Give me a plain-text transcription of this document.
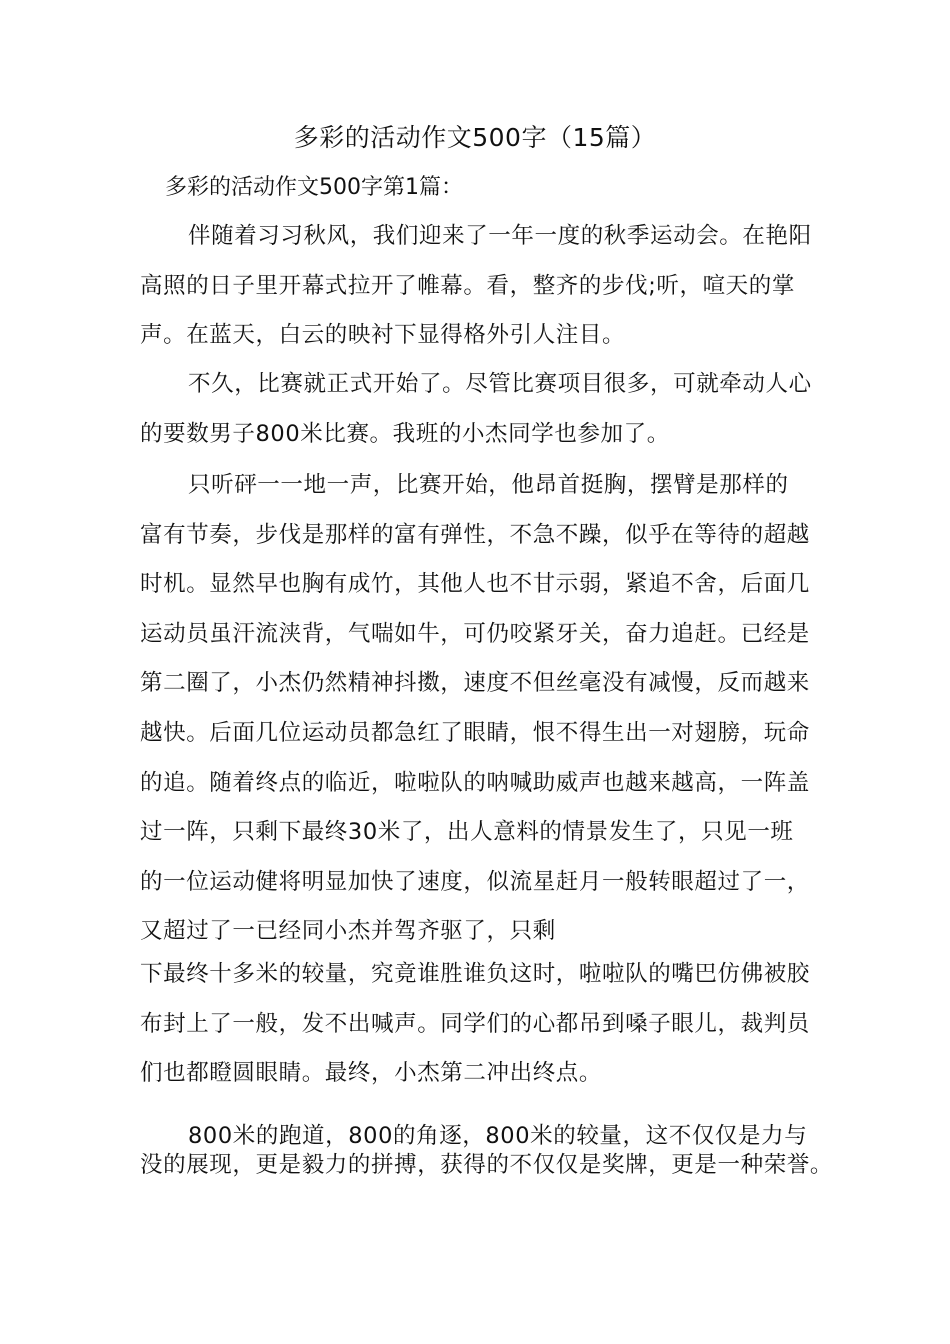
多彩的活动作文500字（15篇）
多彩的活动作文500字第1篇：
伴随着习习秋风，我们迎来了一年一度的秋季运动会。在艳阳
高照的日子里开幕式拉开了帷幕。看，整齐的步伐;听，喧天的掌
声。在蓝天，白云的映衬下显得格外引人注目。
不久，比赛就正式开始了。尽管比赛项目很多，可就牵动人心
的要数男子800米比赛。我班的小杰同学也参加了。
只听砰一一地一声，比赛开始，他昂首挺胸，摆臂是那样的
富有节奏，步伐是那样的富有弹性，不急不躁，似乎在等待的超越
时机。显然早也胸有成竹，其他人也不甘示弱，紧追不舍，后面几
运动员虽汗流浃背，气喘如牛，可仍咬紧牙关，奋力追赶。已经是
第二圈了，小杰仍然精神抖擞，速度不但丝毫没有减慢，反而越来
越快。后面几位运动员都急红了眼睛，恨不得生出一对翅膀，玩命
的追。随着终点的临近，啦啦队的呐喊助威声也越来越高，一阵盖
过一阵，只剩下最终30米了，出人意料的情景发生了，只见一班
的一位运动健将明显加快了速度，似流星赶月一般转眼超过了一，
又超过了一已经同小杰并驾齐驱了，只剩
下最终十多米的较量，究竟谁胜谁负这时，啦啦队的嘴巴仿佛被胶
布封上了一般，发不出喊声。同学们的心都吊到嗓子眼儿，裁判员
们也都瞪圆眼睛。最终，小杰第二冲出终点。
800米的跑道，800的角逐，800米的较量，这不仅仅是力与
没的展现，更是毅力的拼搏，获得的不仅仅是奖牌，更是一种荣誉。
